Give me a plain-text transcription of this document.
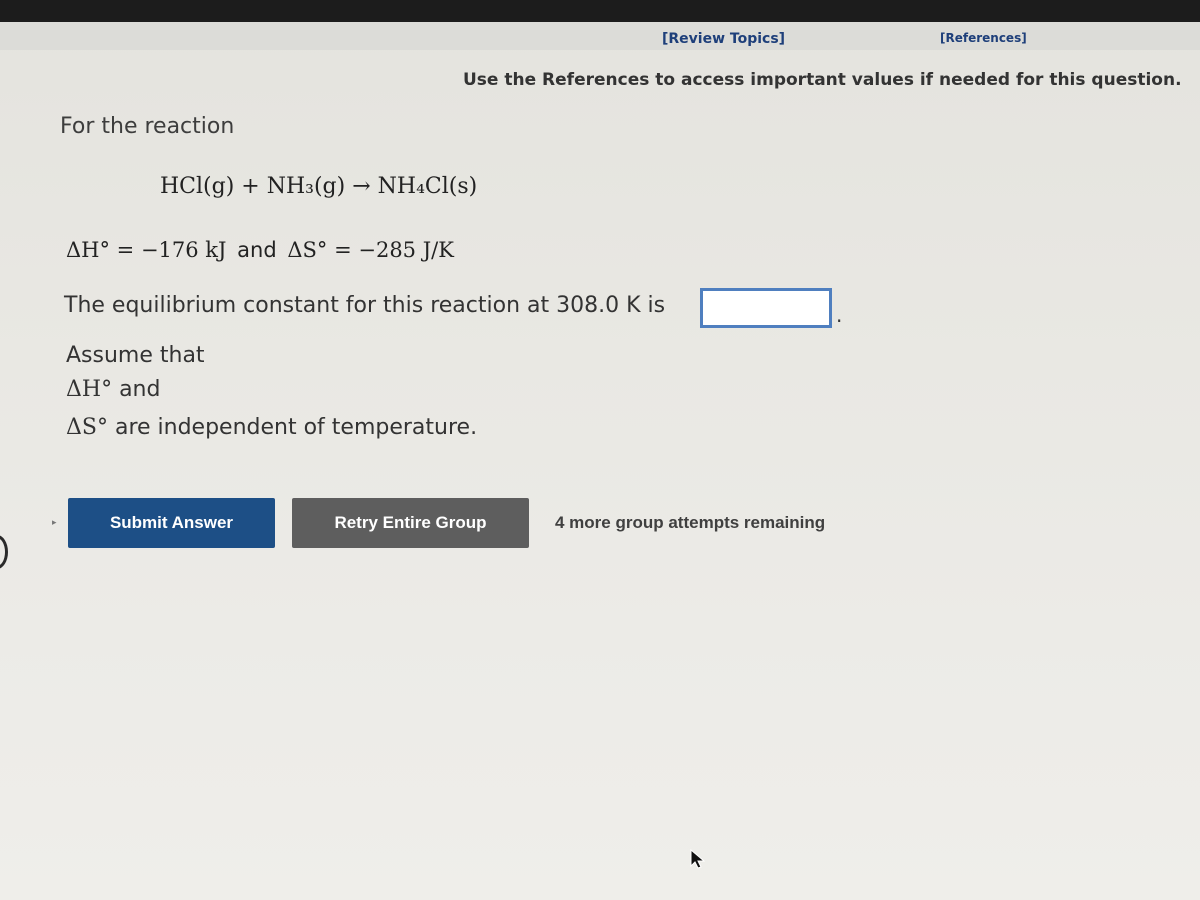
[Review Topics]	[References]
Use the References to access important values if needed for this question.
For the reaction
HCl(g) + NH₃(g) → NH₄Cl(s)
ΔH° = −176 kJ and ΔS° = −285 J/K
The equilibrium constant for this reaction at 308.0 K is	.
Assume that
ΔH° and
ΔS° are independent of temperature.
▸	Submit Answer	Retry Entire Group	4 more group attempts remaining
